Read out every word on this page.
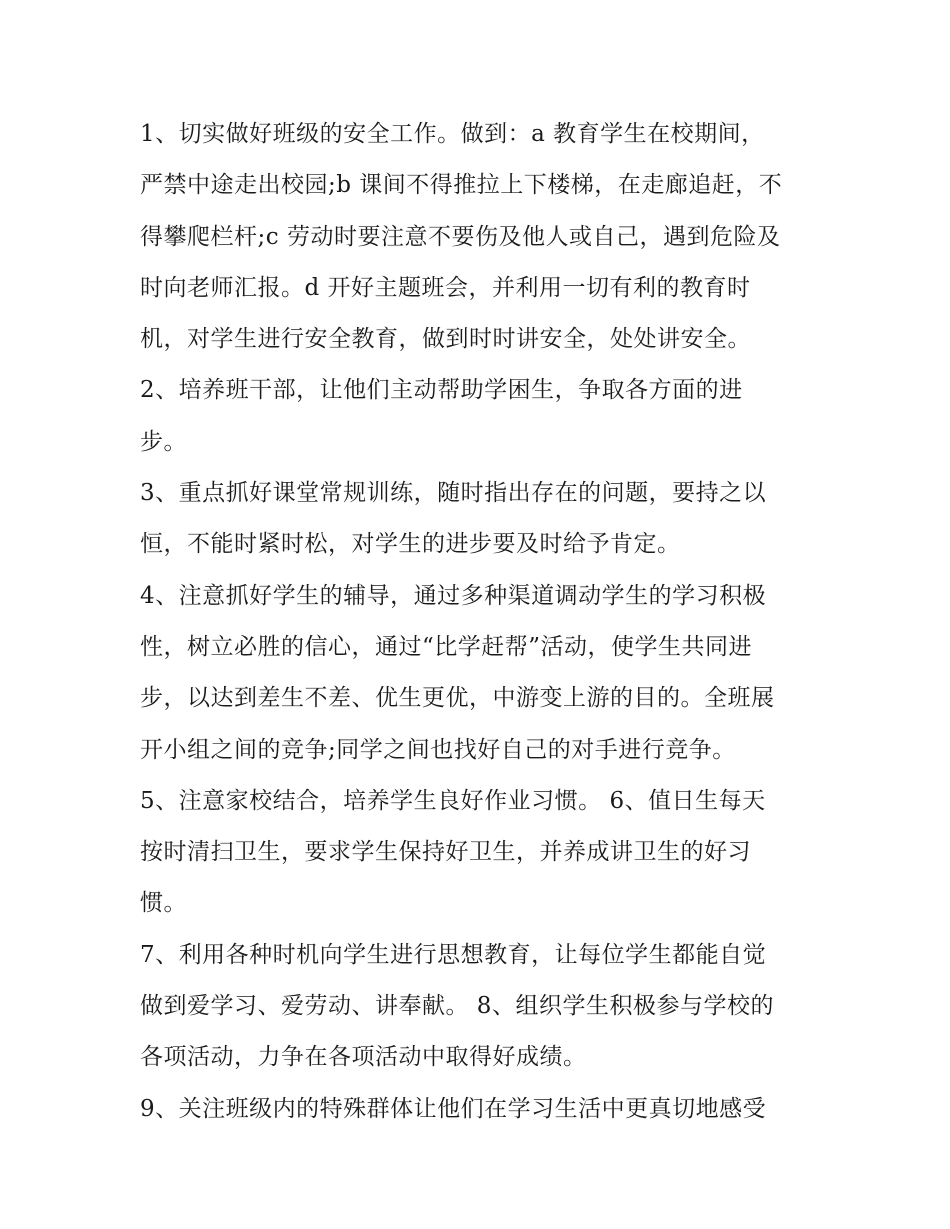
1、切实做好班级的安全工作。做到：a 教育学生在校期间，
严禁中途走出校园;b 课间不得推拉上下楼梯，在走廊追赶，不
得攀爬栏杆;c 劳动时要注意不要伤及他人或自己，遇到危险及
时向老师汇报。d 开好主题班会，并利用一切有利的教育时
机，对学生进行安全教育，做到时时讲安全，处处讲安全。
2、培养班干部，让他们主动帮助学困生，争取各方面的进
步。
3、重点抓好课堂常规训练，随时指出存在的问题，要持之以
恒，不能时紧时松，对学生的进步要及时给予肯定。
4、注意抓好学生的辅导，通过多种渠道调动学生的学习积极
性，树立必胜的信心，通过“比学赶帮”活动，使学生共同进
步，以达到差生不差、优生更优，中游变上游的目的。全班展
开小组之间的竞争;同学之间也找好自己的对手进行竞争。
5、注意家校结合，培养学生良好作业习惯。 6、值日生每天
按时清扫卫生，要求学生保持好卫生，并养成讲卫生的好习
惯。
7、利用各种时机向学生进行思想教育，让每位学生都能自觉
做到爱学习、爱劳动、讲奉献。 8、组织学生积极参与学校的
各项活动，力争在各项活动中取得好成绩。
9、关注班级内的特殊群体让他们在学习生活中更真切地感受
